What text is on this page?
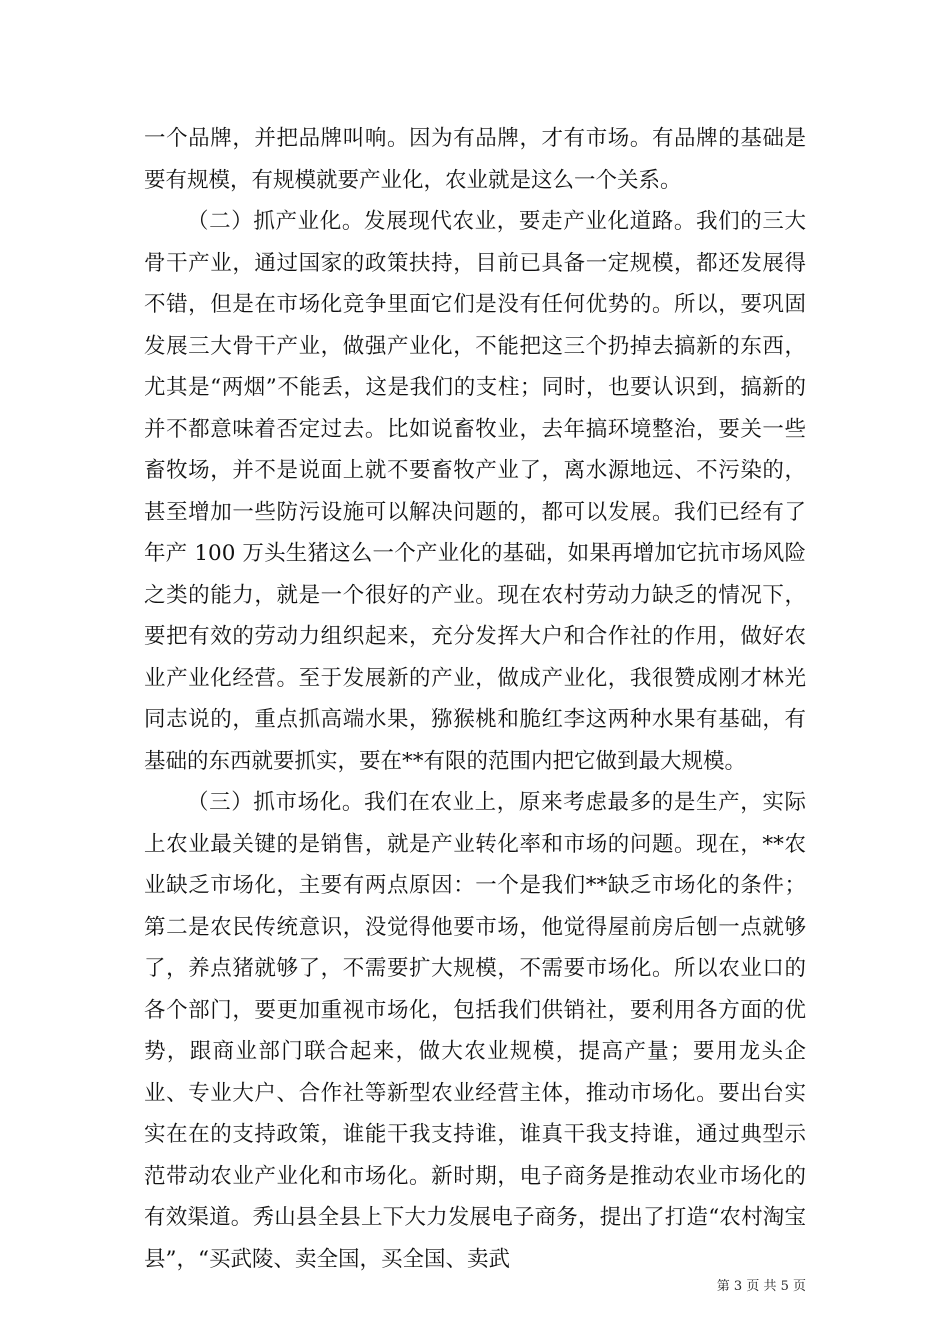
一个品牌，并把品牌叫响。因为有品牌，才有市场。有品牌的基础是要有规模，有规模就要产业化，农业就是这么一个关系。

（二）抓产业化。发展现代农业，要走产业化道路。我们的三大骨干产业，通过国家的政策扶持，目前已具备一定规模，都还发展得不错，但是在市场化竞争里面它们是没有任何优势的。所以，要巩固发展三大骨干产业，做强产业化，不能把这三个扔掉去搞新的东西，尤其是“两烟”不能丢，这是我们的支柱；同时，也要认识到，搞新的并不都意味着否定过去。比如说畜牧业，去年搞环境整治，要关一些畜牧场，并不是说面上就不要畜牧产业了，离水源地远、不污染的，甚至增加一些防污设施可以解决问题的，都可以发展。我们已经有了年产 100 万头生猪这么一个产业化的基础，如果再增加它抗市场风险之类的能力，就是一个很好的产业。现在农村劳动力缺乏的情况下，要把有效的劳动力组织起来，充分发挥大户和合作社的作用，做好农业产业化经营。至于发展新的产业，做成产业化，我很赞成刚才林光同志说的，重点抓高端水果，猕猴桃和脆红李这两种水果有基础，有基础的东西就要抓实，要在**有限的范围内把它做到最大规模。

（三）抓市场化。我们在农业上，原来考虑最多的是生产，实际上农业最关键的是销售，就是产业转化率和市场的问题。现在，**农业缺乏市场化，主要有两点原因：一个是我们**缺乏市场化的条件；第二是农民传统意识，没觉得他要市场，他觉得屋前房后刨一点就够了，养点猪就够了，不需要扩大规模，不需要市场化。所以农业口的各个部门，要更加重视市场化，包括我们供销社，要利用各方面的优势，跟商业部门联合起来，做大农业规模，提高产量；要用龙头企业、专业大户、合作社等新型农业经营主体，推动市场化。要出台实实在在的支持政策，谁能干我支持谁，谁真干我支持谁，通过典型示范带动农业产业化和市场化。新时期，电子商务是推动农业市场化的有效渠道。秀山县全县上下大力发展电子商务，提出了打造“农村淘宝县”，“买武陵、卖全国，买全国、卖武

第 3 页 共 5 页
